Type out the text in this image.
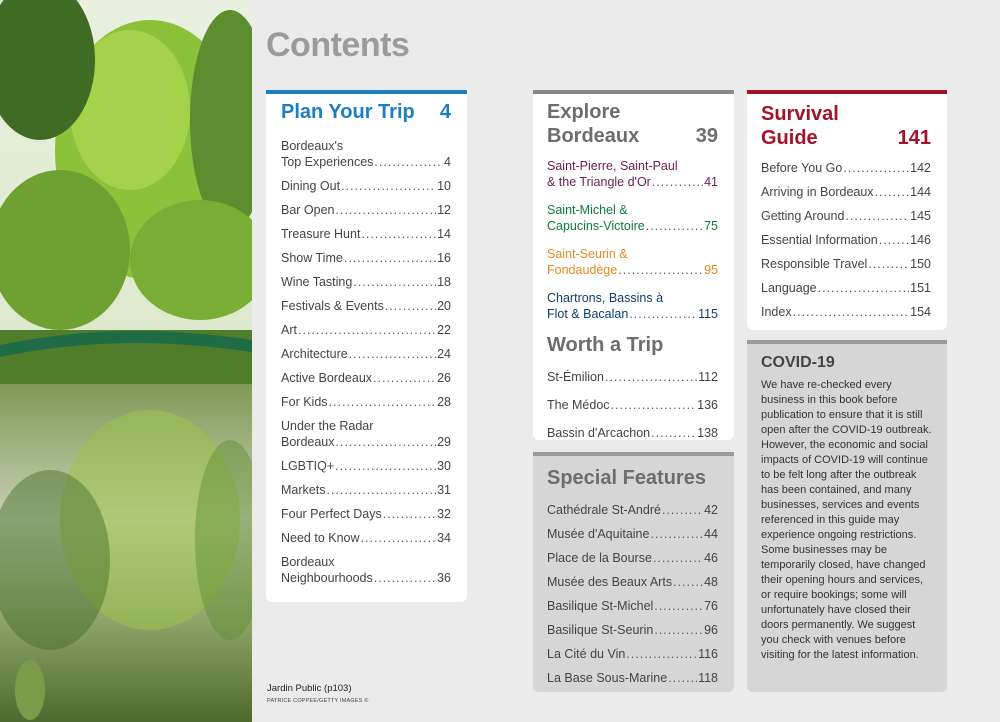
Contents
Jardin Public (p103)
PATRICE COPPEE/GETTY IMAGES ©
Plan Your Trip 4
Bordeaux's
Top Experiences .....	4
Dining Out .....	10
Bar Open .....	12
Treasure Hunt .....	14
Show Time .....	16
Wine Tasting .....	18
Festivals & Events .....	20
Art .....	22
Architecture .....	24
Active Bordeaux .....	26
For Kids .....	28
Under the Radar
Bordeaux .....	29
LGBTIQ+ .....	30
Markets .....	31
Four Perfect Days .....	32
Need to Know .....	34
Bordeaux
Neighbourhoods .....	36
Explore
Bordeaux	39
Saint-Pierre, Saint-Paul
& the Triangle d'Or .....	41
Saint-Michel &
Capucins-Victoire .....	75
Saint-Seurin &
Fondaudège .....	95
Chartrons, Bassins à
Flot & Bacalan .....	115
Worth a Trip
St-Émilion .....	112
The Médoc .....	136
Bassin d'Arcachon .....	138
Special Features
Cathédrale St-André .....	42
Musée d'Aquitaine .....	44
Place de la Bourse .....	46
Musée des Beaux Arts .....	48
Basilique St-Michel .....	76
Basilique St-Seurin .....	96
La Cité du Vin .....	116
La Base Sous-Marine ..... 118
Survival
Guide	141
Before You Go .....	142
Arriving in Bordeaux .....	144
Getting Around .....	145
Essential Information .....	146
Responsible Travel .....	150
Language .....	151
Index .....	154
COVID-19
We have re-checked every business in this book before publication to ensure that it is still open after the COVID-19 outbreak. However, the economic and social impacts of COVID-19 will continue to be felt long after the outbreak has been contained, and many businesses, services and events referenced in this guide may experience ongoing restrictions. Some businesses may be temporarily closed, have changed their opening hours and services, or require bookings; some will unfortunately have closed their doors permanently. We suggest you check with venues before visiting for the latest information.
